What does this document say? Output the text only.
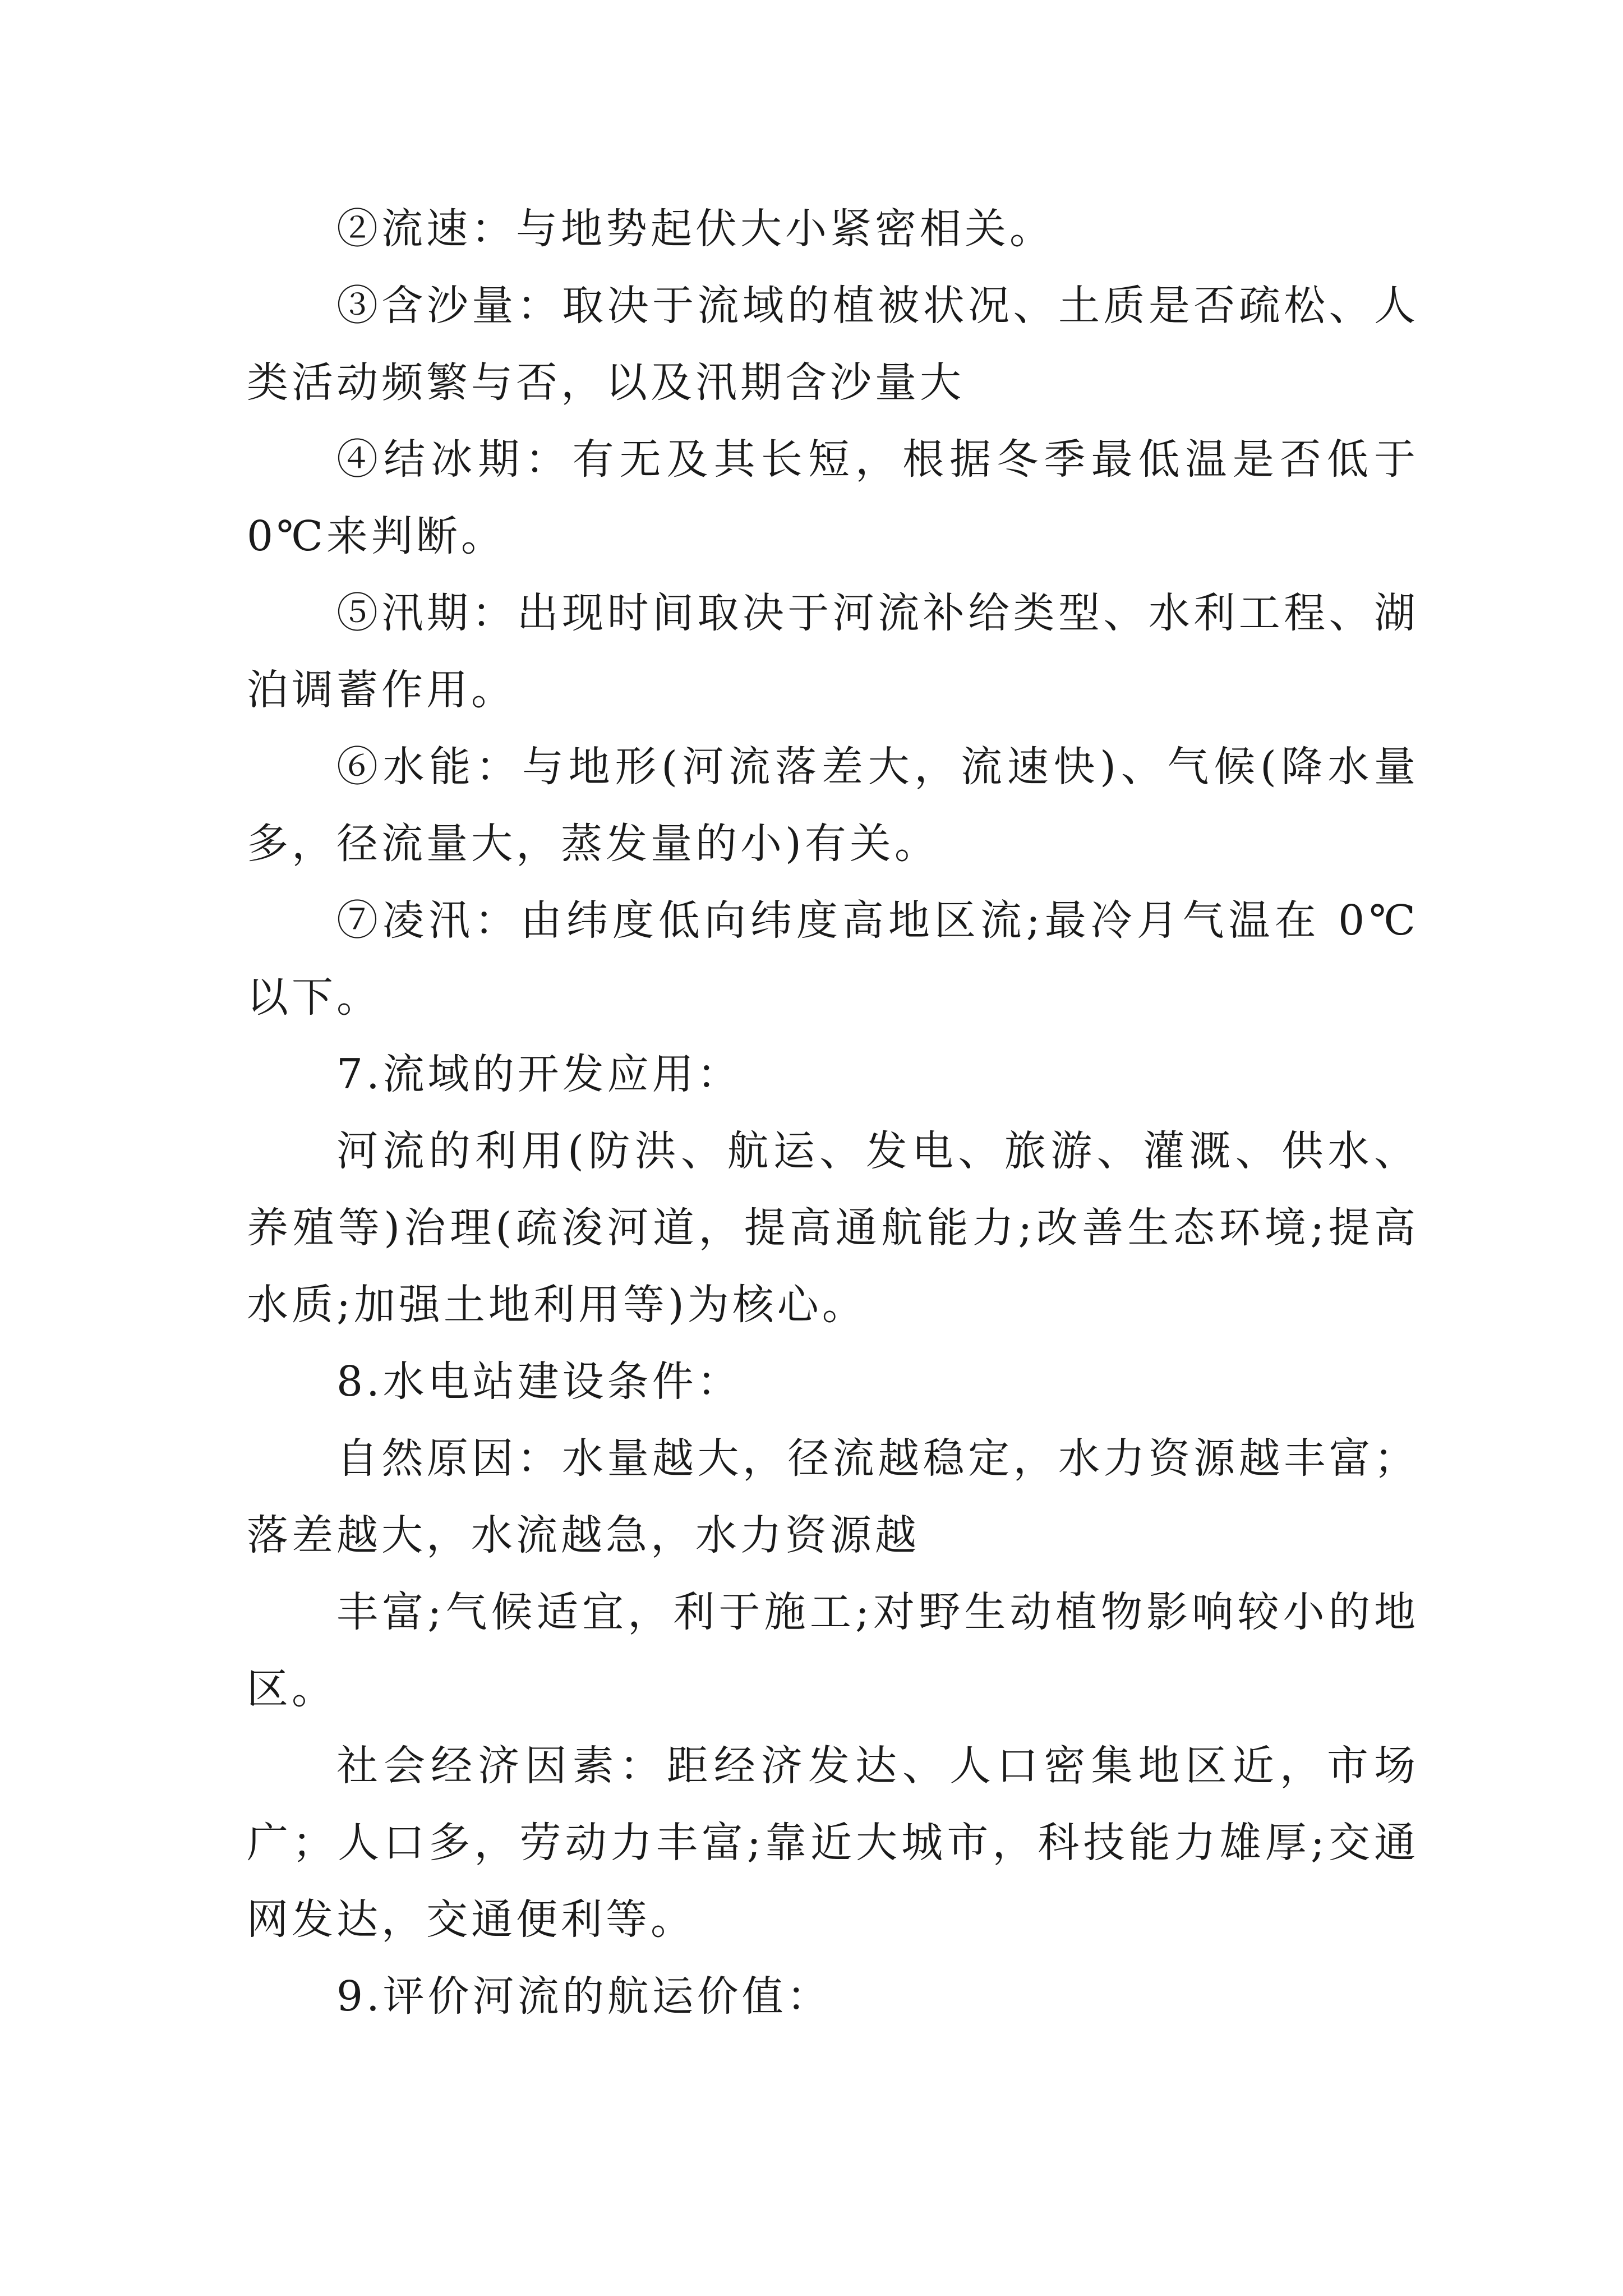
②流速：与地势起伏大小紧密相关。

③含沙量：取决于流域的植被状况、土质是否疏松、人类活动频繁与否，以及汛期含沙量大

④结冰期：有无及其长短，根据冬季最低温是否低于 0℃来判断。

⑤汛期：出现时间取决于河流补给类型、水利工程、湖泊调蓄作用。

⑥水能：与地形(河流落差大，流速快)、气候(降水量多，径流量大，蒸发量的小)有关。

⑦凌汛：由纬度低向纬度高地区流;最冷月气温在 0℃以下。

7.流域的开发应用：

河流的利用(防洪、航运、发电、旅游、灌溉、供水、养殖等)治理(疏浚河道，提高通航能力;改善生态环境;提高水质;加强土地利用等)为核心。

8.水电站建设条件：

自然原因：水量越大，径流越稳定，水力资源越丰富；落差越大，水流越急，水力资源越

丰富;气候适宜，利于施工;对野生动植物影响较小的地区。

社会经济因素：距经济发达、人口密集地区近，市场广；人口多，劳动力丰富;靠近大城市，科技能力雄厚;交通网发达，交通便利等。

9.评价河流的航运价值：
